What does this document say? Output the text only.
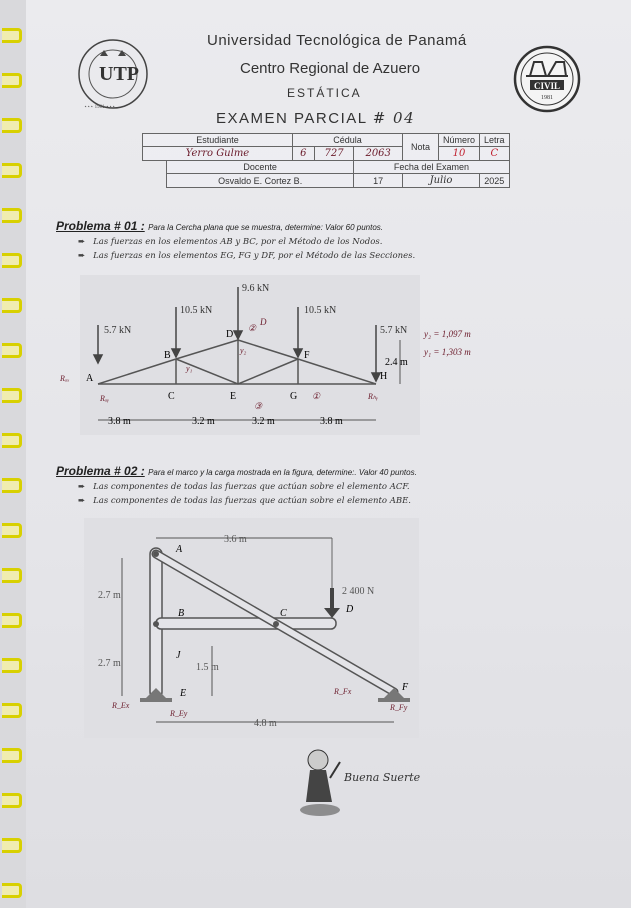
UTP
⋆⋆⋆ 1981 ⋆⋆⋆
CIVIL
1981
Universidad Tecnológica de Panamá
Centro Regional de Azuero
ESTÁTICA
EXAMEN PARCIAL # 04
Estudiante		Cédula			Nota	Número	Letra
Yerro Gulme		6	727	2063		10	C
	Docente			Fecha del Examen			
	Osvaldo E. Cortez B.			17	Julio		2025
Problema # 01 : Para la Cercha plana que se muestra, determine: Valor 60 puntos.
➨ Las fuerzas en los elementos AB y BC, por el Método de los Nodos.
➨ Las fuerzas en los elementos EG, FG y DF, por el Método de las Secciones.
5.7 kN
10.5 kN
9.6 kN
10.5 kN
5.7 kN
A
B
C
D
E
F
G
H
2.4 m
3.8 m	3.2 m	3.2 m	3.8 m
y₂ = 1,097 m
y₁ = 1,303 m
Rₐₓ
Rₐᵧ	Rₕᵧ
y₁
y₂
D
②
③
①
Problema # 02 : Para el marco y la carga mostrada en la figura, determine:. Valor 40 puntos.
➨ Las componentes de todas las fuerzas que actúan sobre el elemento ACF.
➨ Las componentes de todas las fuerzas que actúan sobre el elemento ABE.
2 400 N
3.6 m
2.7 m
2.7 m	1.5 m
4.8 m
A
B	C	D
E
F
J
R_Ex
R_Ey
R_Fx
R_Fy
Buena Suerte
